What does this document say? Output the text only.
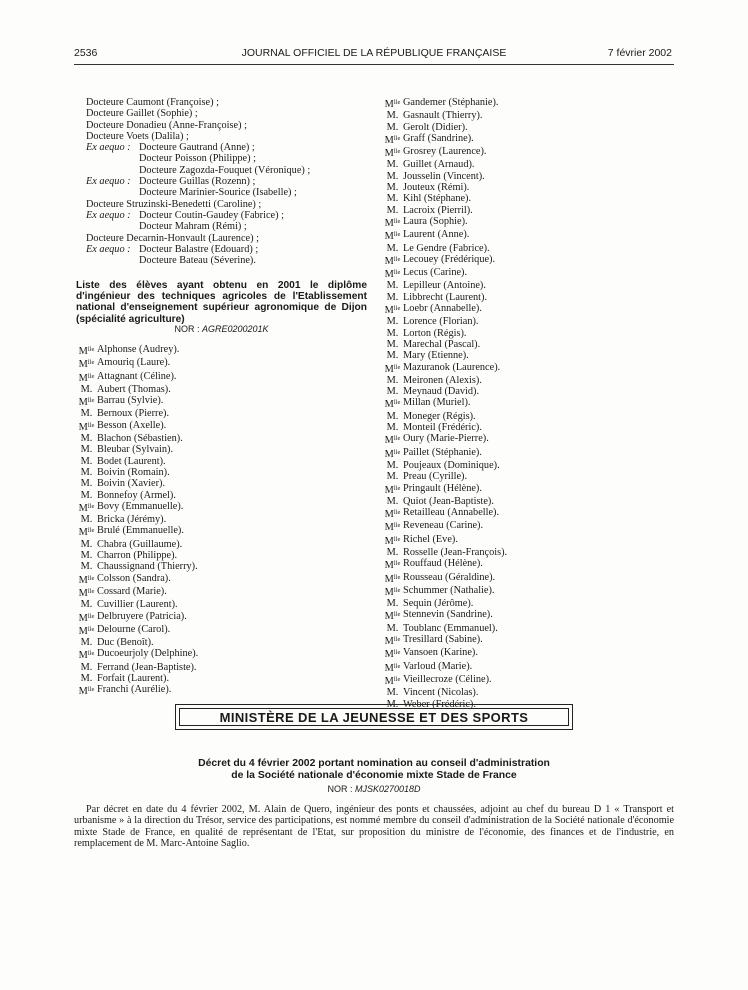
2536	JOURNAL OFFICIEL DE LA RÉPUBLIQUE FRANÇAISE	7 février 2002
Docteure Caumont (Françoise) ;
Docteure Gaillet (Sophie) ;
Docteure Donadieu (Anne-Françoise) ;
Docteure Voets (Dalila) ;
Ex aequo : Docteure Gautrand (Anne) ;
Docteur Poisson (Philippe) ;
Docteure Zagozda-Fouquet (Véronique) ;
Ex aequo : Docteure Guillas (Rozenn) ;
Docteure Marinier-Sourice (Isabelle) ;
Docteure Struzinski-Benedetti (Caroline) ;
Ex aequo : Docteur Coutin-Gaudey (Fabrice) ;
Docteur Mahram (Rémi) ;
Docteure Decarnin-Honvault (Laurence) ;
Ex aequo : Docteur Balastre (Edouard) ;
Docteure Bateau (Séverine).
Liste des élèves ayant obtenu en 2001 le diplôme d'ingénieur des techniques agricoles de l'Etablissement national d'enseignement supérieur agronomique de Dijon (spécialité agriculture)
NOR : AGRE0200201K
$M^{lle}$ Alphonse (Audrey).
$M^{lle}$ Amouriq (Laure).
$M^{lle}$ Attagnant (Céline).
M. Aubert (Thomas).
$M^{lle}$ Barrau (Sylvie).
M. Bernoux (Pierre).
$M^{lle}$ Besson (Axelle).
M. Blachon (Sébastien).
M. Bleubar (Sylvain).
M. Bodet (Laurent).
M. Boivin (Romain).
M. Boivin (Xavier).
M. Bonnefoy (Armel).
$M^{lle}$ Bovy (Emmanuelle).
M. Bricka (Jérémy).
$M^{lle}$ Brulé (Emmanuelle).
M. Chabra (Guillaume).
M. Charron (Philippe).
M. Chaussignand (Thierry).
$M^{lle}$ Colsson (Sandra).
$M^{lle}$ Cossard (Marie).
M. Cuvillier (Laurent).
$M^{lle}$ Delbruyere (Patricia).
$M^{lle}$ Delourne (Carol).
M. Duc (Benoît).
$M^{lle}$ Ducoeurjoly (Delphine).
M. Ferrand (Jean-Baptiste).
M. Forfait (Laurent).
$M^{lle}$ Franchi (Aurélie).
$M^{lle}$ Gandemer (Stéphanie).
M. Gasnault (Thierry).
M. Gerolt (Didier).
$M^{lle}$ Graff (Sandrine).
$M^{lle}$ Grosrey (Laurence).
M. Guillet (Arnaud).
M. Jousselin (Vincent).
M. Jouteux (Rémi).
M. Kihl (Stéphane).
M. Lacroix (Pierril).
$M^{lle}$ Laura (Sophie).
$M^{lle}$ Laurent (Anne).
M. Le Gendre (Fabrice).
$M^{lle}$ Lecouey (Frédérique).
$M^{lle}$ Lecus (Carine).
M. Lepilleur (Antoine).
M. Libbrecht (Laurent).
$M^{lle}$ Loebr (Annabelle).
M. Lorence (Florian).
M. Lorton (Régis).
M. Marechal (Pascal).
M. Mary (Etienne).
$M^{lle}$ Mazuranok (Laurence).
M. Meironen (Alexis).
M. Meynaud (David).
$M^{lle}$ Millan (Muriel).
M. Moneger (Régis).
M. Monteil (Frédéric).
$M^{lle}$ Oury (Marie-Pierre).
$M^{lle}$ Paillet (Stéphanie).
M. Poujeaux (Dominique).
M. Preau (Cyrille).
$M^{lle}$ Pringault (Hélène).
M. Quiot (Jean-Baptiste).
$M^{lle}$ Retailleau (Annabelle).
$M^{lle}$ Reveneau (Carine).
$M^{lle}$ Richel (Eve).
M. Rosselle (Jean-François).
$M^{lle}$ Rouffaud (Hélène).
$M^{lle}$ Rousseau (Géraldine).
$M^{lle}$ Schummer (Nathalie).
M. Sequin (Jérôme).
$M^{lle}$ Stennevin (Sandrine).
M. Toublanc (Emmanuel).
$M^{lle}$ Tresillard (Sabine).
$M^{lle}$ Vansoen (Karine).
$M^{lle}$ Varloud (Marie).
$M^{lle}$ Vieillecroze (Céline).
M. Vincent (Nicolas).
M. Weber (Frédéric).
MINISTÈRE DE LA JEUNESSE ET DES SPORTS
Décret du 4 février 2002 portant nomination au conseil d'administration
de la Société nationale d'économie mixte Stade de France
NOR : MJSK0270018D
Par décret en date du 4 février 2002, M. Alain de Quero, ingénieur des ponts et chaussées, adjoint au chef du bureau D 1 « Transport et urbanisme » à la direction du Trésor, service des participations, est nommé membre du conseil d'administration de la Société nationale d'économie mixte Stade de France, en qualité de représentant de l'Etat, sur proposition du ministre de l'économie, des finances et de l'industrie, en remplacement de M. Marc-Antoine Saglio.
